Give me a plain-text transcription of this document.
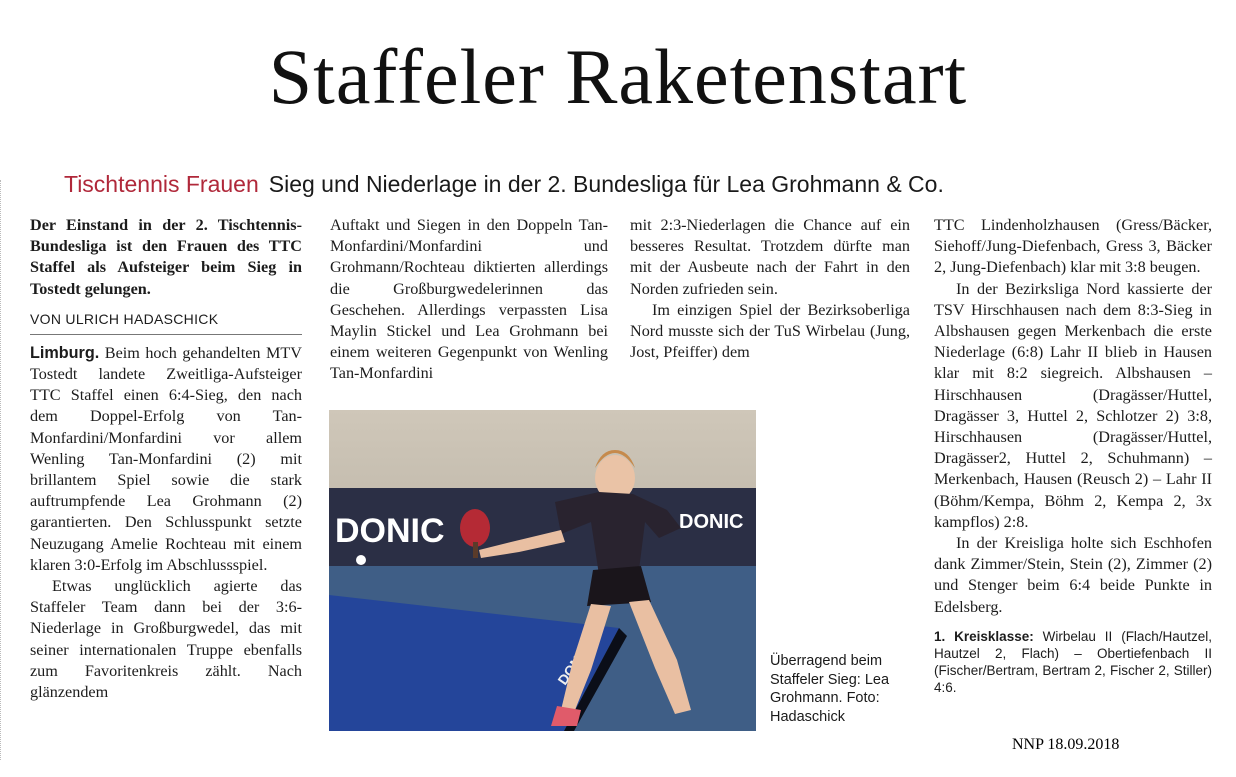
Staffeler Raketenstart
Tischtennis Frauen Sieg und Niederlage in der 2. Bundesliga für Lea Grohmann & Co.

Der Einstand in der 2. Tischtennis-Bundesliga ist den Frauen des TTC Staffel als Aufsteiger beim Sieg in Tostedt gelungen.

VON ULRICH HADASCHICK

Limburg. Beim hoch gehandelten MTV Tostedt landete Zweitliga-Aufsteiger TTC Staffel einen 6:4-Sieg, den nach dem Doppel-Erfolg von Tan-Monfardini/Monfardini vor allem Wenling Tan-Monfardini (2) mit brillantem Spiel sowie die stark auftrumpfende Lea Grohmann (2) garantierten. Den Schlusspunkt setzte Neuzugang Amelie Rochteau mit einem klaren 3:0-Erfolg im Abschlussspiel.

Etwas unglücklich agierte das Staffeler Team dann bei der 3:6-Niederlage in Großburgwedel, das mit seiner internationalen Truppe ebenfalls zum Favoritenkreis zählt. Nach glänzendem

Auftakt und Siegen in den Doppeln Tan-Monfardini/Monfardini und Grohmann/Rochteau diktierten allerdings die Großburgwedelerinnen das Geschehen. Allerdings verpassten Lisa Maylin Stickel und Lea Grohmann bei einem weiteren Gegenpunkt von Wenling Tan-Monfardini

mit 2:3-Niederlagen die Chance auf ein besseres Resultat. Trotzdem dürfte man mit der Ausbeute nach der Fahrt in den Norden zufrieden sein.

Im einzigen Spiel der Bezirksoberliga Nord musste sich der TuS Wirbelau (Jung, Jost, Pfeiffer) dem

TTC Lindenholzhausen (Gress/Bäcker, Siehoff/Jung-Diefenbach, Gress 3, Bäcker 2, Jung-Diefenbach) klar mit 3:8 beugen.

In der Bezirksliga Nord kassierte der TSV Hirschhausen nach dem 8:3-Sieg in Albshausen gegen Merkenbach die erste Niederlage (6:8) Lahr II blieb in Hausen klar mit 8:2 siegreich. Albshausen – Hirschhausen (Dragässer/Huttel, Dragässer 3, Huttel 2, Schlotzer 2) 3:8, Hirschhausen (Dragässer/Huttel, Dragässer2, Huttel 2, Schuhmann) – Merkenbach, Hausen (Reusch 2) – Lahr II (Böhm/Kempa, Böhm 2, Kempa 2, 3x kampflos) 2:8.

In der Kreisliga holte sich Eschhofen dank Zimmer/Stein, Stein (2), Zimmer (2) und Stenger beim 6:4 beide Punkte in Edelsberg.

1. Kreisklasse: Wirbelau II (Flach/Hautzel, Hautzel 2, Flach) – Obertiefenbach II (Fischer/Bertram, Bertram 2, Fischer 2, Stiller) 4:6.

DONIC	DONIC
Überragend beim Staffeler Sieg: Lea Grohmann. Foto: Hadaschick
NNP 18.09.2018
